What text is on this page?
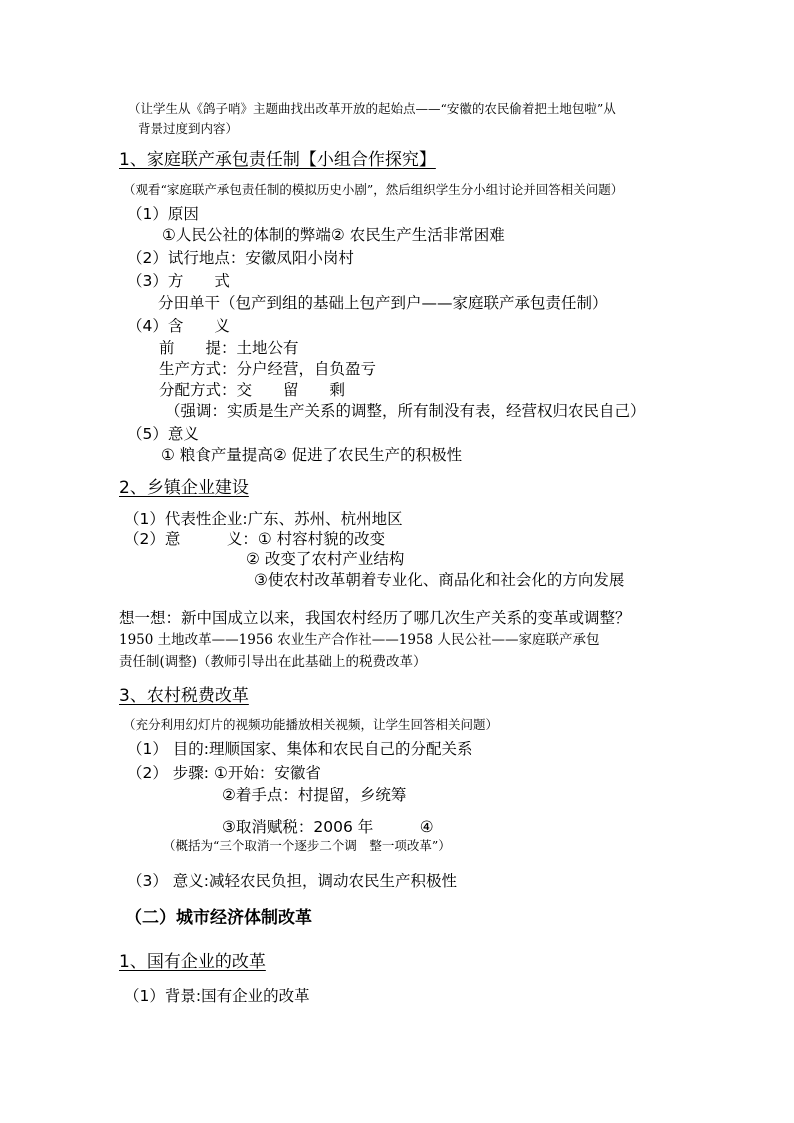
（让学生从《鸽子哨》主题曲找出改革开放的起始点——“安徽的农民偷着把土地包啦”从
背景过度到内容）
1、家庭联产承包责任制【小组合作探究】
（观看“家庭联产承包责任制的模拟历史小剧”，然后组织学生分小组讨论并回答相关问题）
（1）原因
①人民公社的体制的弊端② 农民生产生活非常困难
（2）试行地点：安徽凤阳小岗村
（3）方　　式
分田单干（包产到组的基础上包产到户——家庭联产承包责任制）
（4）含　　义
前　　提：土地公有
生产方式：分户经营，自负盈亏
分配方式：交　　留　　剩
（强调：实质是生产关系的调整，所有制没有表，经营权归农民自己）
（5）意义
① 粮食产量提高② 促进了农民生产的积极性
2、乡镇企业建设
（1）代表性企业:广东、苏州、杭州地区
（2）意　　　义：① 村容村貌的改变
② 改变了农村产业结构
③使农村改革朝着专业化、商品化和社会化的方向发展
想一想：新中国成立以来，我国农村经历了哪几次生产关系的变革或调整？
1950 土地改革——1956 农业生产合作社——1958 人民公社——家庭联产承包
责任制(调整)（教师引导出在此基础上的税费改革）
3、农村税费改革
（充分利用幻灯片的视频功能播放相关视频，让学生回答相关问题）
（1） 目的:理顺国家、集体和农民自己的分配关系
（2） 步骤: ①开始：安徽省
②着手点：村提留，乡统筹
③取消赋税：2006 年　　　④
（概括为“三个取消一个逐步二个调　整一项改革”）
（3） 意义:减轻农民负担，调动农民生产积极性
（二）城市经济体制改革
1、国有企业的改革
（1）背景:国有企业的改革
